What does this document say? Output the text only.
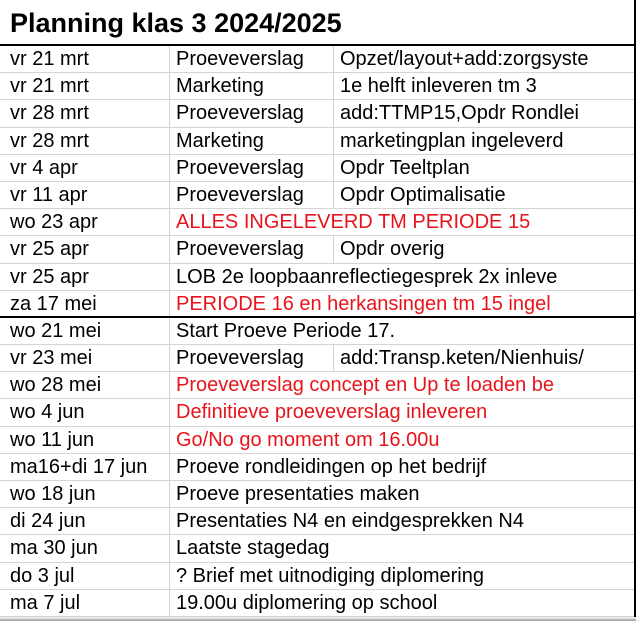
Planning klas 3 2024/2025
vr 21 mrt	Proeveverslag	Opzet/layout+add:zorgsyste
vr 21 mrt	Marketing	1e helft inleveren tm 3
vr 28 mrt	Proeveverslag	add:TTMP15,Opdr Rondlei
vr 28 mrt	Marketing	marketingplan ingeleverd
vr 4 apr	Proeveverslag	Opdr Teeltplan
vr 11 apr	Proeveverslag	Opdr Optimalisatie
wo 23 apr	ALLES INGELEVERD TM PERIODE 15
vr 25 apr	Proeveverslag	Opdr overig
vr 25 apr	LOB 2e loopbaanreflectiegesprek 2x inleve
za 17 mei	PERIODE 16 en herkansingen tm 15 ingel
wo 21 mei	Start Proeve Periode 17.
vr 23 mei	Proeveverslag	add:Transp.keten/Nienhuis/
wo 28 mei	Proeveverslag concept en Up te loaden be
wo 4 jun	Definitieve proeveverslag inleveren
wo 11 jun	Go/No go moment om 16.00u
ma16+di 17 jun	Proeve rondleidingen op het bedrijf
wo 18 jun	Proeve presentaties maken
di 24 jun	Presentaties N4 en eindgesprekken N4
ma 30 jun	Laatste stagedag
do 3 jul	? Brief met uitnodiging diplomering
ma 7 jul	19.00u diplomering op school
